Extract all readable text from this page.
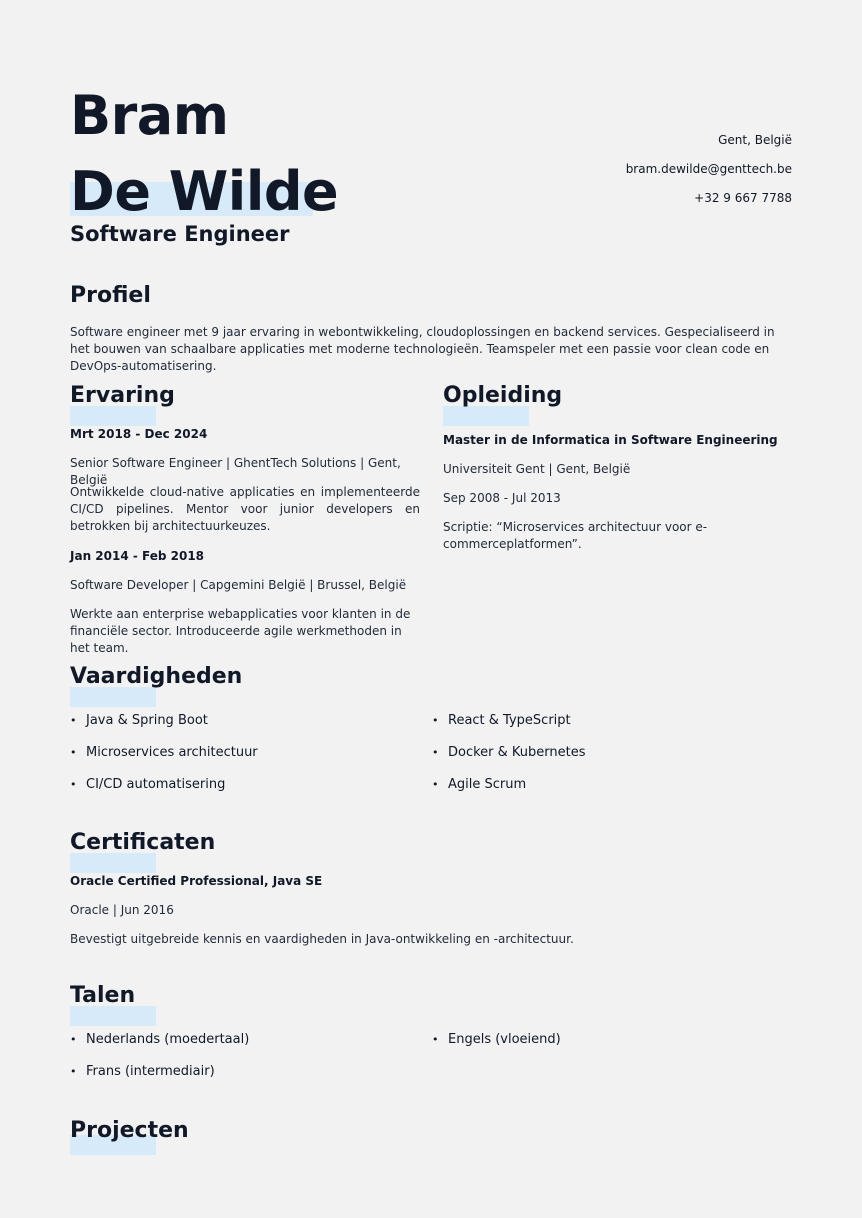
Bram
De Wilde
Software Engineer
Gent, België
bram.dewilde@genttech.be
+32 9 667 7788
Profiel
Software engineer met 9 jaar ervaring in webontwikkeling, cloudoplossingen en backend services. Gespecialiseerd in het bouwen van schaalbare applicaties met moderne technologieën. Teamspeler met een passie voor clean code en DevOps-automatisering.
Ervaring
Mrt 2018 - Dec 2024
Senior Software Engineer | GhentTech Solutions | Gent, België
Ontwikkelde cloud-native applicaties en implementeerde CI/CD pipelines. Mentor voor junior developers en betrokken bij architectuurkeuzes.
Jan 2014 - Feb 2018
Software Developer | Capgemini België | Brussel, België
Werkte aan enterprise webapplicaties voor klanten in de financiële sector. Introduceerde agile werkmethoden in het team.
Opleiding
Master in de Informatica in Software Engineering
Universiteit Gent | Gent, België
Sep 2008 - Jul 2013
Scriptie: “Microservices architectuur voor e-commerceplatformen”.
Vaardigheden
• Java & Spring Boot
• Microservices architectuur
• CI/CD automatisering
• React & TypeScript
• Docker & Kubernetes
• Agile Scrum
Certificaten
Oracle Certified Professional, Java SE
Oracle | Jun 2016
Bevestigt uitgebreide kennis en vaardigheden in Java-ontwikkeling en -architectuur.
Talen
• Nederlands (moedertaal)
• Frans (intermediair)
• Engels (vloeiend)
Projecten
